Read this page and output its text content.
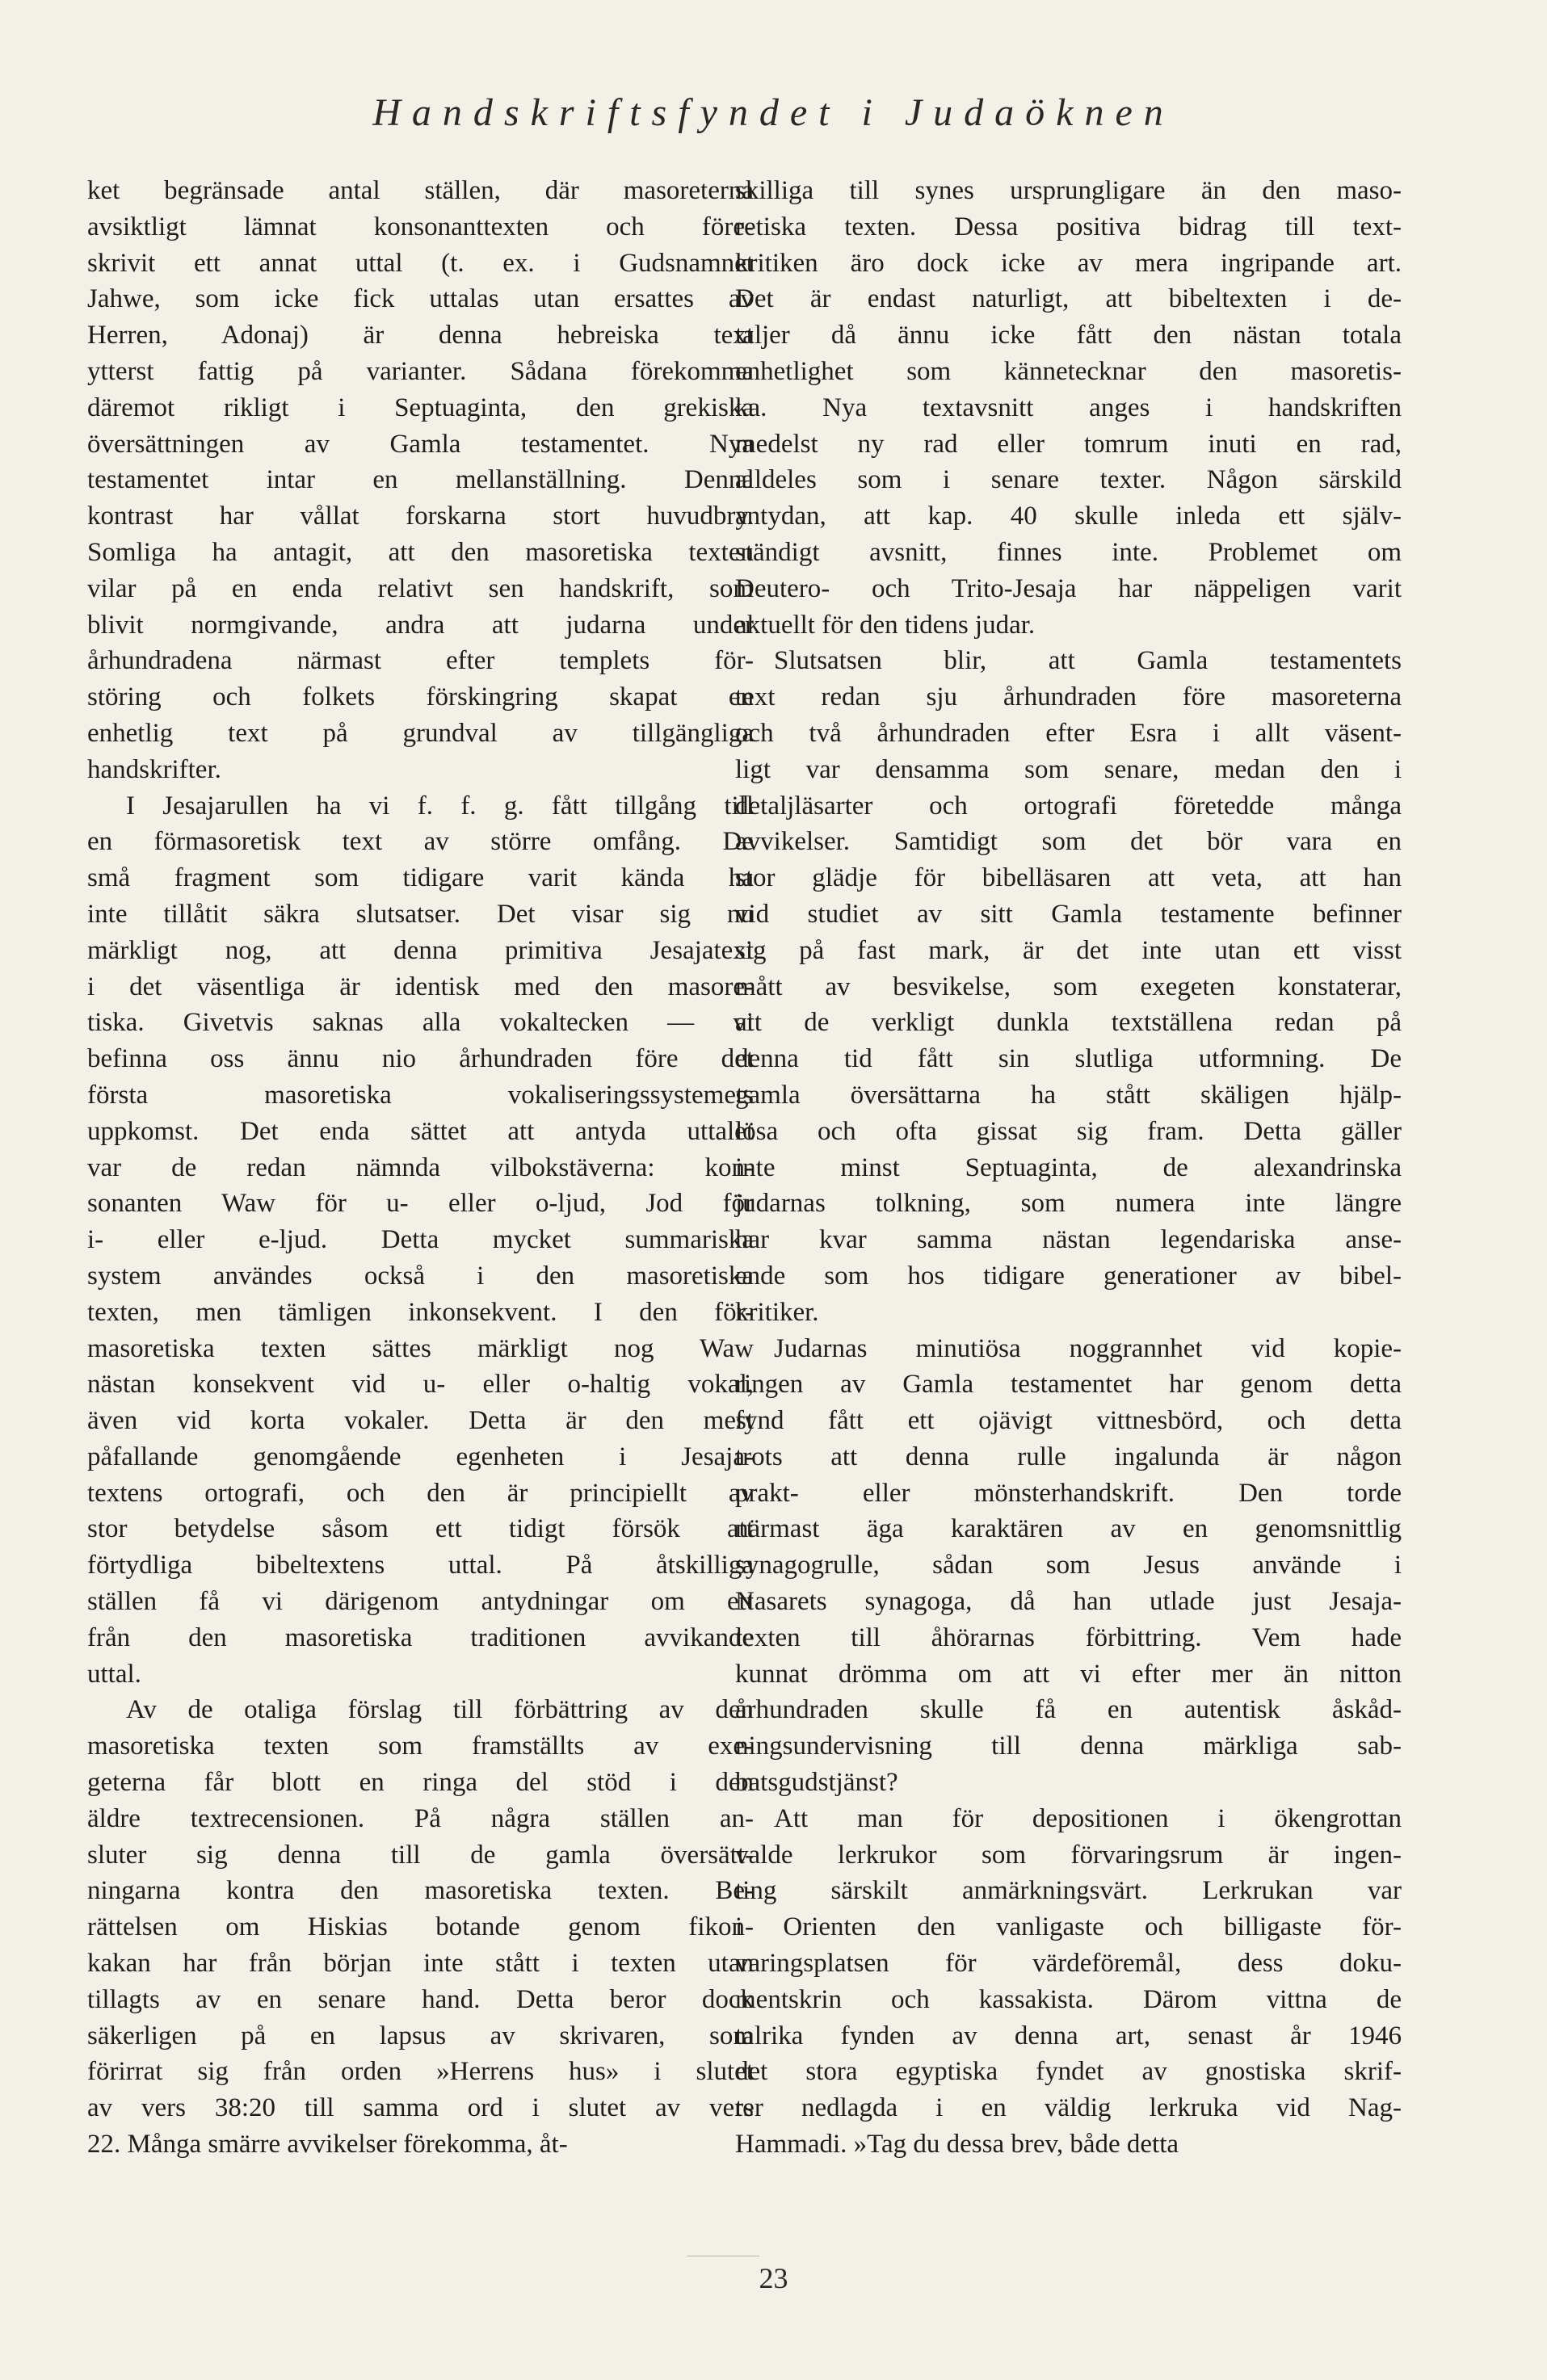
Handskriftsfyndet i Judaöknen
ket begränsade antal ställen, där masoreterna
avsiktligt lämnat konsonanttexten och före-
skrivit ett annat uttal (t. ex. i Gudsnamnet
Jahwe, som icke fick uttalas utan ersattes av
Herren, Adonaj) är denna hebreiska text
ytterst fattig på varianter. Sådana förekomma
däremot rikligt i Septuaginta, den grekiska
översättningen av Gamla testamentet. Nya
testamentet intar en mellanställning. Denna
kontrast har vållat forskarna stort huvudbry.
Somliga ha antagit, att den masoretiska texten
vilar på en enda relativt sen handskrift, som
blivit normgivande, andra att judarna under
århundradena närmast efter templets för-
störing och folkets förskingring skapat en
enhetlig text på grundval av tillgängliga
handskrifter.
I Jesajarullen ha vi f. f. g. fått tillgång till
en förmasoretisk text av större omfång. De
små fragment som tidigare varit kända ha
inte tillåtit säkra slutsatser. Det visar sig nu
märkligt nog, att denna primitiva Jesajatext
i det väsentliga är identisk med den masore-
tiska. Givetvis saknas alla vokaltecken — vi
befinna oss ännu nio århundraden före det
första masoretiska vokaliseringssystemets
uppkomst. Det enda sättet att antyda uttalet
var de redan nämnda vilbokstäverna: kon-
sonanten Waw för u- eller o-ljud, Jod för
i- eller e-ljud. Detta mycket summariska
system användes också i den masoretiska
texten, men tämligen inkonsekvent. I den för-
masoretiska texten sättes märkligt nog Waw
nästan konsekvent vid u- eller o-haltig vokal,
även vid korta vokaler. Detta är den mest
påfallande genomgående egenheten i Jesaja-
textens ortografi, och den är principiellt av
stor betydelse såsom ett tidigt försök att
förtydliga bibeltextens uttal. På åtskilliga
ställen få vi därigenom antydningar om ett
från den masoretiska traditionen avvikande
uttal.
Av de otaliga förslag till förbättring av den
masoretiska texten som framställts av exe-
geterna får blott en ringa del stöd i den
äldre textrecensionen. På några ställen an-
sluter sig denna till de gamla översätt-
ningarna kontra den masoretiska texten. Be-
rättelsen om Hiskias botande genom fikon-
kakan har från början inte stått i texten utan
tillagts av en senare hand. Detta beror dock
säkerligen på en lapsus av skrivaren, som
förirrat sig från orden »Herrens hus» i slutet
av vers 38:20 till samma ord i slutet av vers
22. Många smärre avvikelser förekomma, åt-
skilliga till synes ursprungligare än den maso-
retiska texten. Dessa positiva bidrag till text-
kritiken äro dock icke av mera ingripande art.
Det är endast naturligt, att bibeltexten i de-
taljer då ännu icke fått den nästan totala
enhetlighet som kännetecknar den masoretis-
ka. Nya textavsnitt anges i handskriften
medelst ny rad eller tomrum inuti en rad,
alldeles som i senare texter. Någon särskild
antydan, att kap. 40 skulle inleda ett själv-
ständigt avsnitt, finnes inte. Problemet om
Deutero- och Trito-Jesaja har näppeligen varit
aktuellt för den tidens judar.
Slutsatsen blir, att Gamla testamentets
text redan sju århundraden före masoreterna
och två århundraden efter Esra i allt väsent-
ligt var densamma som senare, medan den i
detaljläsarter och ortografi företedde många
avvikelser. Samtidigt som det bör vara en
stor glädje för bibelläsaren att veta, att han
vid studiet av sitt Gamla testamente befinner
sig på fast mark, är det inte utan ett visst
mått av besvikelse, som exegeten konstaterar,
att de verkligt dunkla textställena redan på
denna tid fått sin slutliga utformning. De
gamla översättarna ha stått skäligen hjälp-
lösa och ofta gissat sig fram. Detta gäller
inte minst Septuaginta, de alexandrinska
judarnas tolkning, som numera inte längre
har kvar samma nästan legendariska anse-
ende som hos tidigare generationer av bibel-
kritiker.
Judarnas minutiösa noggrannhet vid kopie-
ringen av Gamla testamentet har genom detta
fynd fått ett ojävigt vittnesbörd, och detta
trots att denna rulle ingalunda är någon
prakt- eller mönsterhandskrift. Den torde
närmast äga karaktären av en genomsnittlig
synagogrulle, sådan som Jesus använde i
Nasarets synagoga, då han utlade just Jesaja-
texten till åhörarnas förbittring. Vem hade
kunnat drömma om att vi efter mer än nitton
århundraden skulle få en autentisk åskåd-
ningsundervisning till denna märkliga sab-
batsgudstjänst?
Att man för depositionen i ökengrottan
valde lerkrukor som förvaringsrum är ingen-
ting särskilt anmärkningsvärt. Lerkrukan var
i Orienten den vanligaste och billigaste för-
varingsplatsen för värdeföremål, dess doku-
mentskrin och kassakista. Därom vittna de
talrika fynden av denna art, senast år 1946
det stora egyptiska fyndet av gnostiska skrif-
ter nedlagda i en väldig lerkruka vid Nag-
Hammadi. »Tag du dessa brev, både detta
23
